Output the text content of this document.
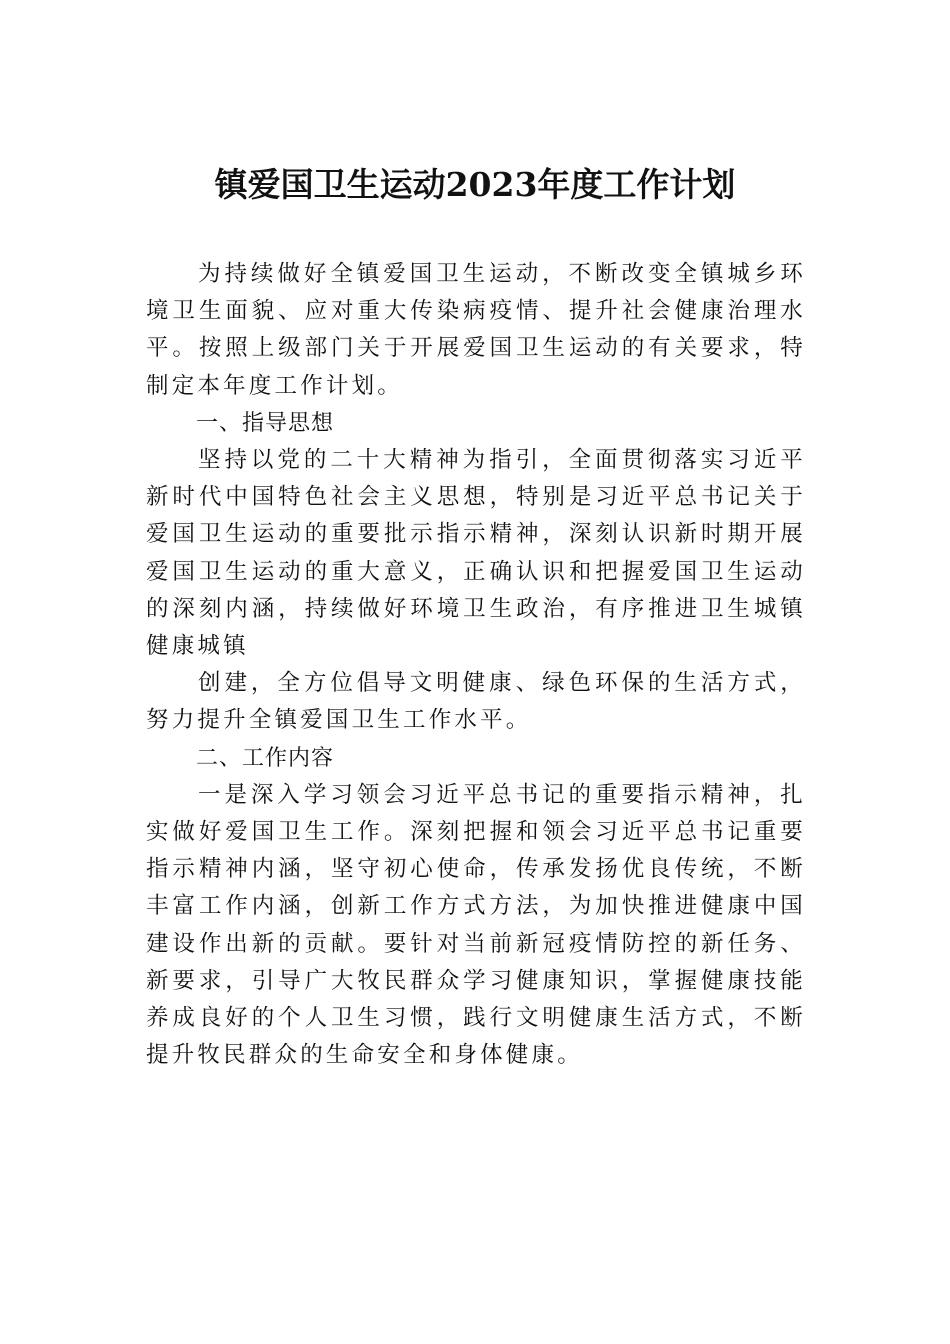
镇爱国卫生运动2023年度工作计划

为持续做好全镇爱国卫生运动，不断改变全镇城乡环境卫生面貌、应对重大传染病疫情、提升社会健康治理水平。按照上级部门关于开展爱国卫生运动的有关要求，特制定本年度工作计划。

一、指导思想

坚持以党的二十大精神为指引，全面贯彻落实习近平新时代中国特色社会主义思想，特别是习近平总书记关于爱国卫生运动的重要批示指示精神，深刻认识新时期开展爱国卫生运动的重大意义，正确认识和把握爱国卫生运动的深刻内涵，持续做好环境卫生政治，有序推进卫生城镇健康城镇

创建，全方位倡导文明健康、绿色环保的生活方式，努力提升全镇爱国卫生工作水平。

二、工作内容

一是深入学习领会习近平总书记的重要指示精神，扎实做好爱国卫生工作。深刻把握和领会习近平总书记重要指示精神内涵，坚守初心使命，传承发扬优良传统，不断丰富工作内涵，创新工作方式方法，为加快推进健康中国建设作出新的贡献。要针对当前新冠疫情防控的新任务、新要求，引导广大牧民群众学习健康知识，掌握健康技能养成良好的个人卫生习惯，践行文明健康生活方式，不断提升牧民群众的生命安全和身体健康。
